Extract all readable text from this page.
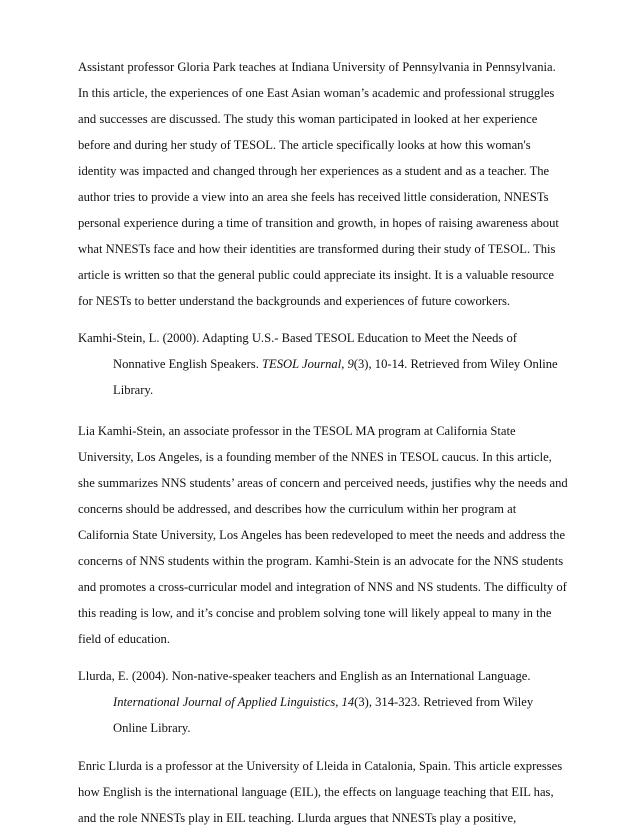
Assistant professor Gloria Park teaches at Indiana University of Pennsylvania in Pennsylvania.
In this article, the experiences of one East Asian woman’s academic and professional struggles
and successes are discussed. The study this woman participated in looked at her experience
before and during her study of TESOL. The article specifically looks at how this woman's
identity was impacted and changed through her experiences as a student and as a teacher. The
author tries to provide a view into an area she feels has received little consideration, NNESTs
personal experience during a time of transition and growth, in hopes of raising awareness about
what NNESTs face and how their identities are transformed during their study of TESOL. This
article is written so that the general public could appreciate its insight. It is a valuable resource
for NESTs to better understand the backgrounds and experiences of future coworkers.
Kamhi-Stein, L. (2000). Adapting U.S.- Based TESOL Education to Meet the Needs of
Nonnative English Speakers. TESOL Journal, 9(3), 10-14. Retrieved from Wiley Online
Library.
Lia Kamhi-Stein, an associate professor in the TESOL MA program at California State
University, Los Angeles, is a founding member of the NNES in TESOL caucus. In this article,
she summarizes NNS students’ areas of concern and perceived needs, justifies why the needs and
concerns should be addressed, and describes how the curriculum within her program at
California State University, Los Angeles has been redeveloped to meet the needs and address the
concerns of NNS students within the program. Kamhi-Stein is an advocate for the NNS students
and promotes a cross-curricular model and integration of NNS and NS students. The difficulty of
this reading is low, and it’s concise and problem solving tone will likely appeal to many in the
field of education.
Llurda, E. (2004). Non-native-speaker teachers and English as an International Language.
International Journal of Applied Linguistics, 14(3), 314-323. Retrieved from Wiley
Online Library.
Enric Llurda is a professor at the University of Lleida in Catalonia, Spain. This article expresses
how English is the international language (EIL), the effects on language teaching that EIL has,
and the role NNESTs play in EIL teaching. Llurda argues that NNESTs play a positive,
